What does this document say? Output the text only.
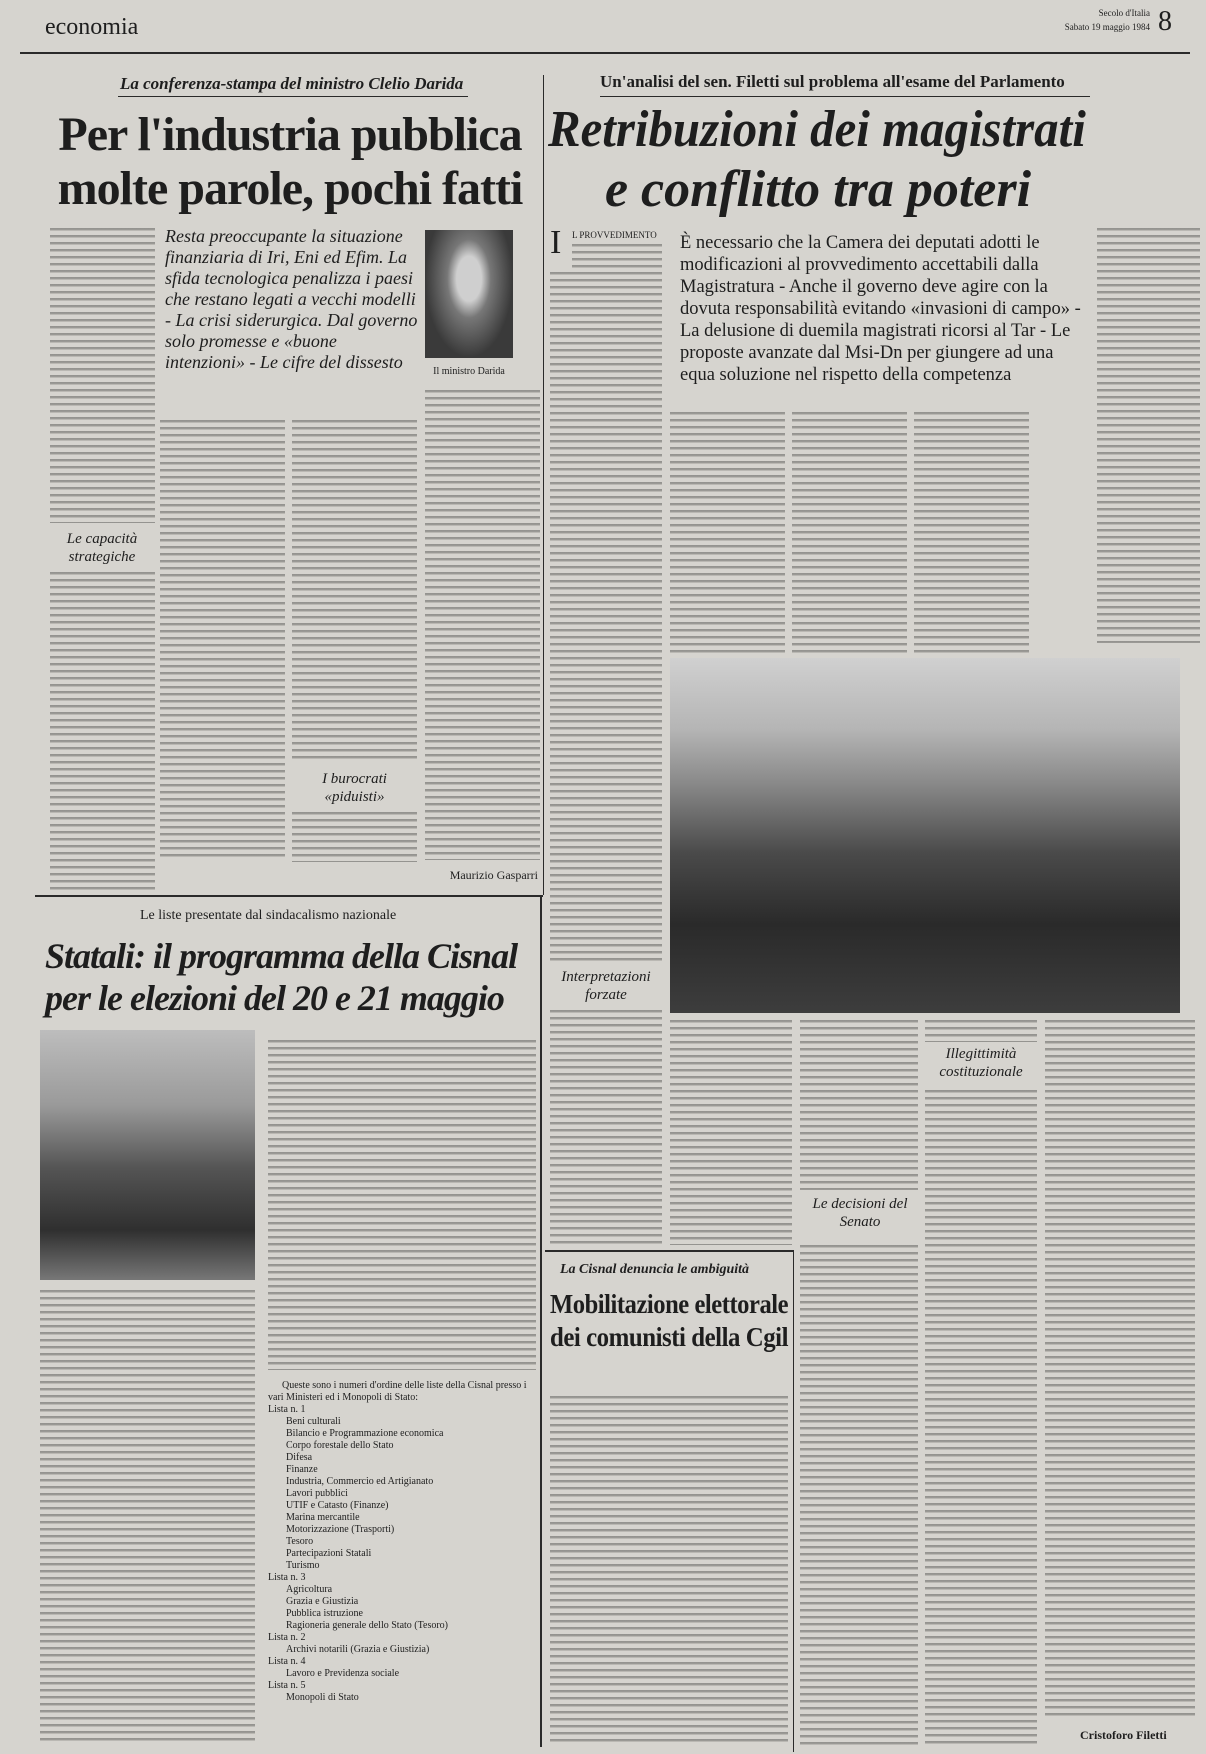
economia
Secolo d'Italia
Sabato 19 maggio 1984 8
La conferenza-stampa del ministro Clelio Darida
Per l'industria pubblica
molte parole, pochi fatti
Le capacità strategiche
Resta preoccupante la situazione finanziaria di Iri, Eni ed Efim. La sfida tecnologica penalizza i paesi che restano legati a vecchi modelli - La crisi siderurgica. Dal governo solo promesse e «buone intenzioni» - Le cifre del dissesto	Il ministro Darida
I burocrati «piduisti»
Maurizio Gasparri
Le liste presentate dal sindacalismo nazionale
Statali: il programma della Cisnal
per le elezioni del 20 e 21 maggio
Queste sono i numeri d'ordine delle liste della Cisnal presso i vari Ministeri ed i Monopoli di Stato:
Lista n. 1
Beni culturali
Bilancio e Programmazione economica
Corpo forestale dello Stato
Difesa
Finanze
Industria, Commercio ed Artigianato
Lavori pubblici
UTIF e Catasto (Finanze)
Marina mercantile
Motorizzazione (Trasporti)
Tesoro
Partecipazioni Statali
Turismo
Lista n. 3
Agricoltura
Grazia e Giustizia
Pubblica istruzione
Ragioneria generale dello Stato (Tesoro)
Lista n. 2
Archivi notarili (Grazia e Giustizia)
Lista n. 4
Lavoro e Previdenza sociale
Lista n. 5
Monopoli di Stato
Un'analisi del sen. Filetti sul problema all'esame del Parlamento
Retribuzioni dei magistrati
e conflitto tra poteri
I L PROVVEDIMENTO È necessario che la Camera dei deputati adotti le modificazioni al provvedimento accettabili dalla Magistratura - Anche il governo deve agire con la dovuta responsabilità evitando «invasioni di campo» - La delusione di duemila magistrati ricorsi al Tar - Le proposte avanzate dal Msi-Dn per giungere ad una equa soluzione nel rispetto della competenza
Interpretazioni forzate
Le decisioni del Senato
Illegittimità costituzionale
Cristoforo Filetti
La Cisnal denuncia le ambiguità
Mobilitazione elettorale
dei comunisti della Cgil
